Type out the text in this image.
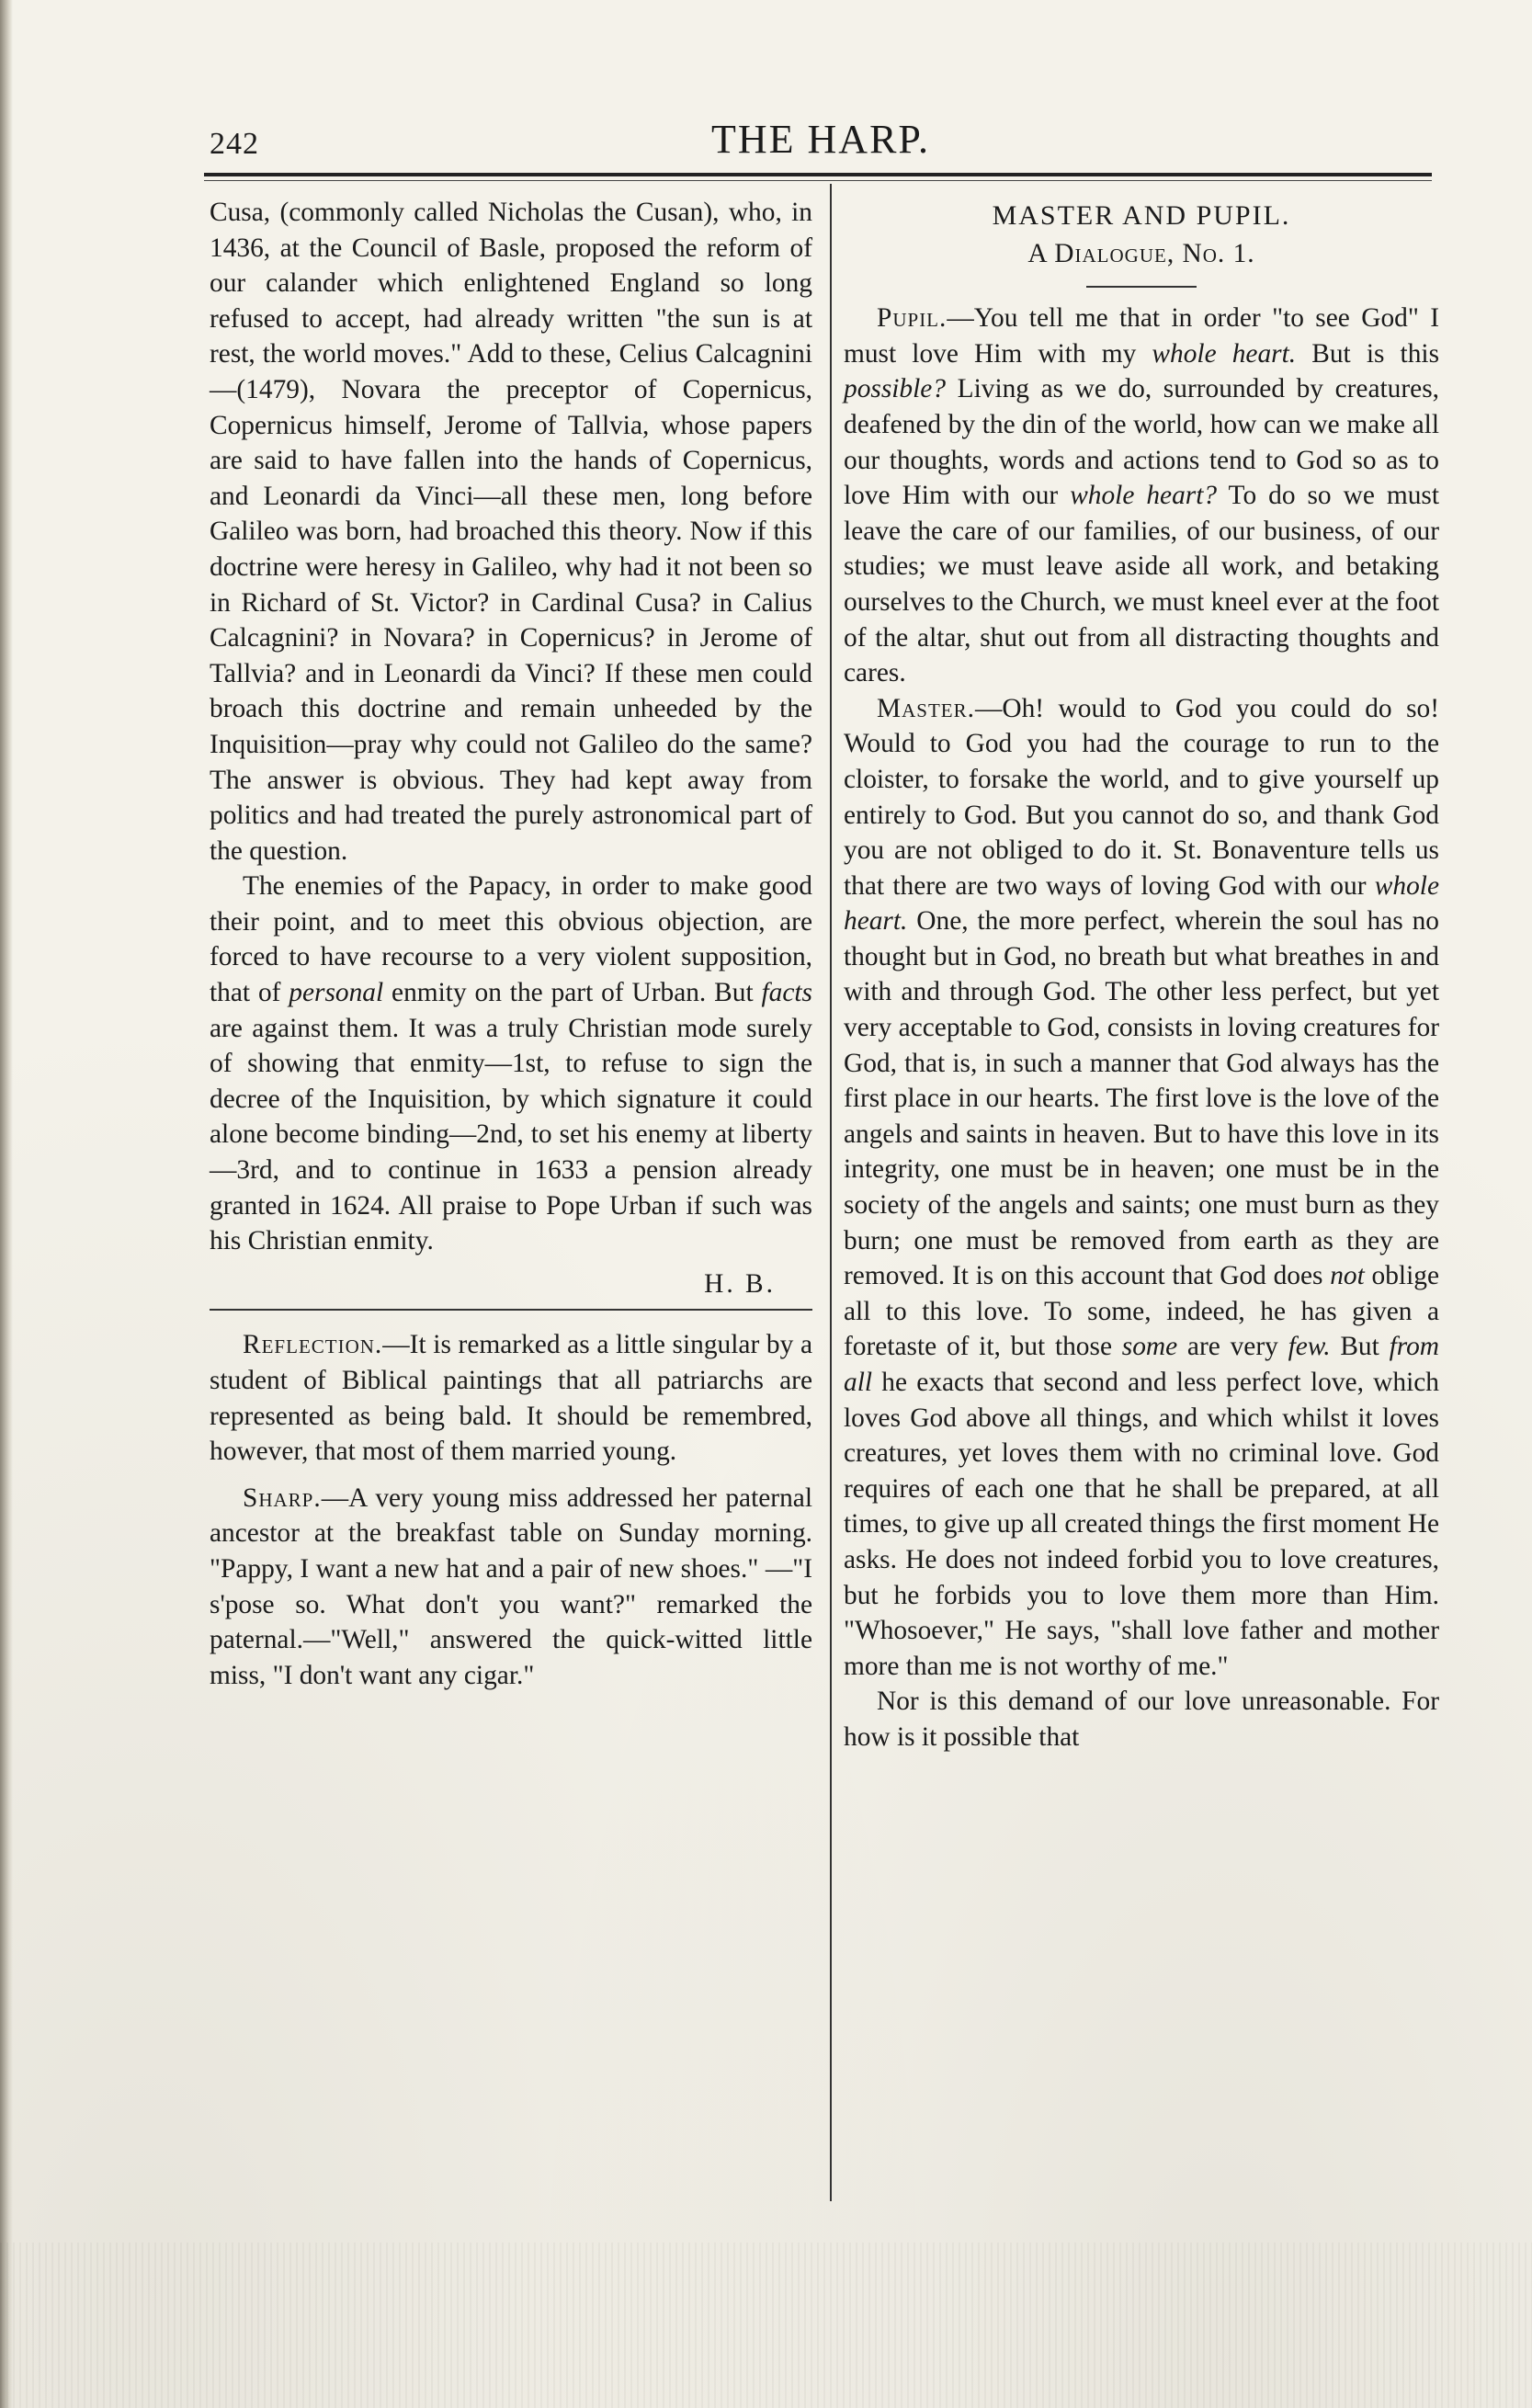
242	THE HARP.

Cusa, (commonly called Nicholas the Cusan), who, in 1436, at the Council of Basle, proposed the reform of our calander which enlightened England so long refused to accept, had already written "the sun is at rest, the world moves." Add to these, Celius Calcagnini—(1479), Novara the preceptor of Copernicus, Copernicus himself, Jerome of Tallvia, whose papers are said to have fallen into the hands of Copernicus, and Leonardi da Vinci—all these men, long before Galileo was born, had broached this theory. Now if this doctrine were heresy in Galileo, why had it not been so in Richard of St. Victor? in Cardinal Cusa? in Calius Calcagnini? in Novara? in Copernicus? in Jerome of Tallvia? and in Leonardi da Vinci? If these men could broach this doctrine and remain unheeded by the Inquisition—pray why could not Galileo do the same? The answer is obvious. They had kept away from politics and had treated the purely astronomical part of the question.

The enemies of the Papacy, in order to make good their point, and to meet this obvious objection, are forced to have recourse to a very violent supposition, that of personal enmity on the part of Urban. But facts are against them. It was a truly Christian mode surely of showing that enmity—1st, to refuse to sign the decree of the Inquisition, by which signature it could alone become binding—2nd, to set his enemy at liberty—3rd, and to continue in 1633 a pension already granted in 1624. All praise to Pope Urban if such was his Christian enmity.

H. B.

Reflection.—It is remarked as a little singular by a student of Biblical paintings that all patriarchs are represented as being bald. It should be remembred, however, that most of them married young.

Sharp.—A very young miss addressed her paternal ancestor at the breakfast table on Sunday morning. "Pappy, I want a new hat and a pair of new shoes." —"I s'pose so. What don't you want?" remarked the paternal.—"Well," answered the quick-witted little miss, "I don't want any cigar."

MASTER AND PUPIL.

A Dialogue, No. 1.

Pupil.—You tell me that in order "to see God" I must love Him with my whole heart. But is this possible? Living as we do, surrounded by creatures, deafened by the din of the world, how can we make all our thoughts, words and actions tend to God so as to love Him with our whole heart? To do so we must leave the care of our families, of our business, of our studies; we must leave aside all work, and betaking ourselves to the Church, we must kneel ever at the foot of the altar, shut out from all distracting thoughts and cares.

Master.—Oh! would to God you could do so! Would to God you had the courage to run to the cloister, to forsake the world, and to give yourself up entirely to God. But you cannot do so, and thank God you are not obliged to do it. St. Bonaventure tells us that there are two ways of loving God with our whole heart. One, the more perfect, wherein the soul has no thought but in God, no breath but what breathes in and with and through God. The other less perfect, but yet very acceptable to God, consists in loving creatures for God, that is, in such a manner that God always has the first place in our hearts. The first love is the love of the angels and saints in heaven. But to have this love in its integrity, one must be in heaven; one must be in the society of the angels and saints; one must burn as they burn; one must be removed from earth as they are removed. It is on this account that God does not oblige all to this love. To some, indeed, he has given a foretaste of it, but those some are very few. But from all he exacts that second and less perfect love, which loves God above all things, and which whilst it loves creatures, yet loves them with no criminal love. God requires of each one that he shall be prepared, at all times, to give up all created things the first moment He asks. He does not indeed forbid you to love creatures, but he forbids you to love them more than Him. "Whosoever," He says, "shall love father and mother more than me is not worthy of me."

Nor is this demand of our love unreasonable. For how is it possible that
